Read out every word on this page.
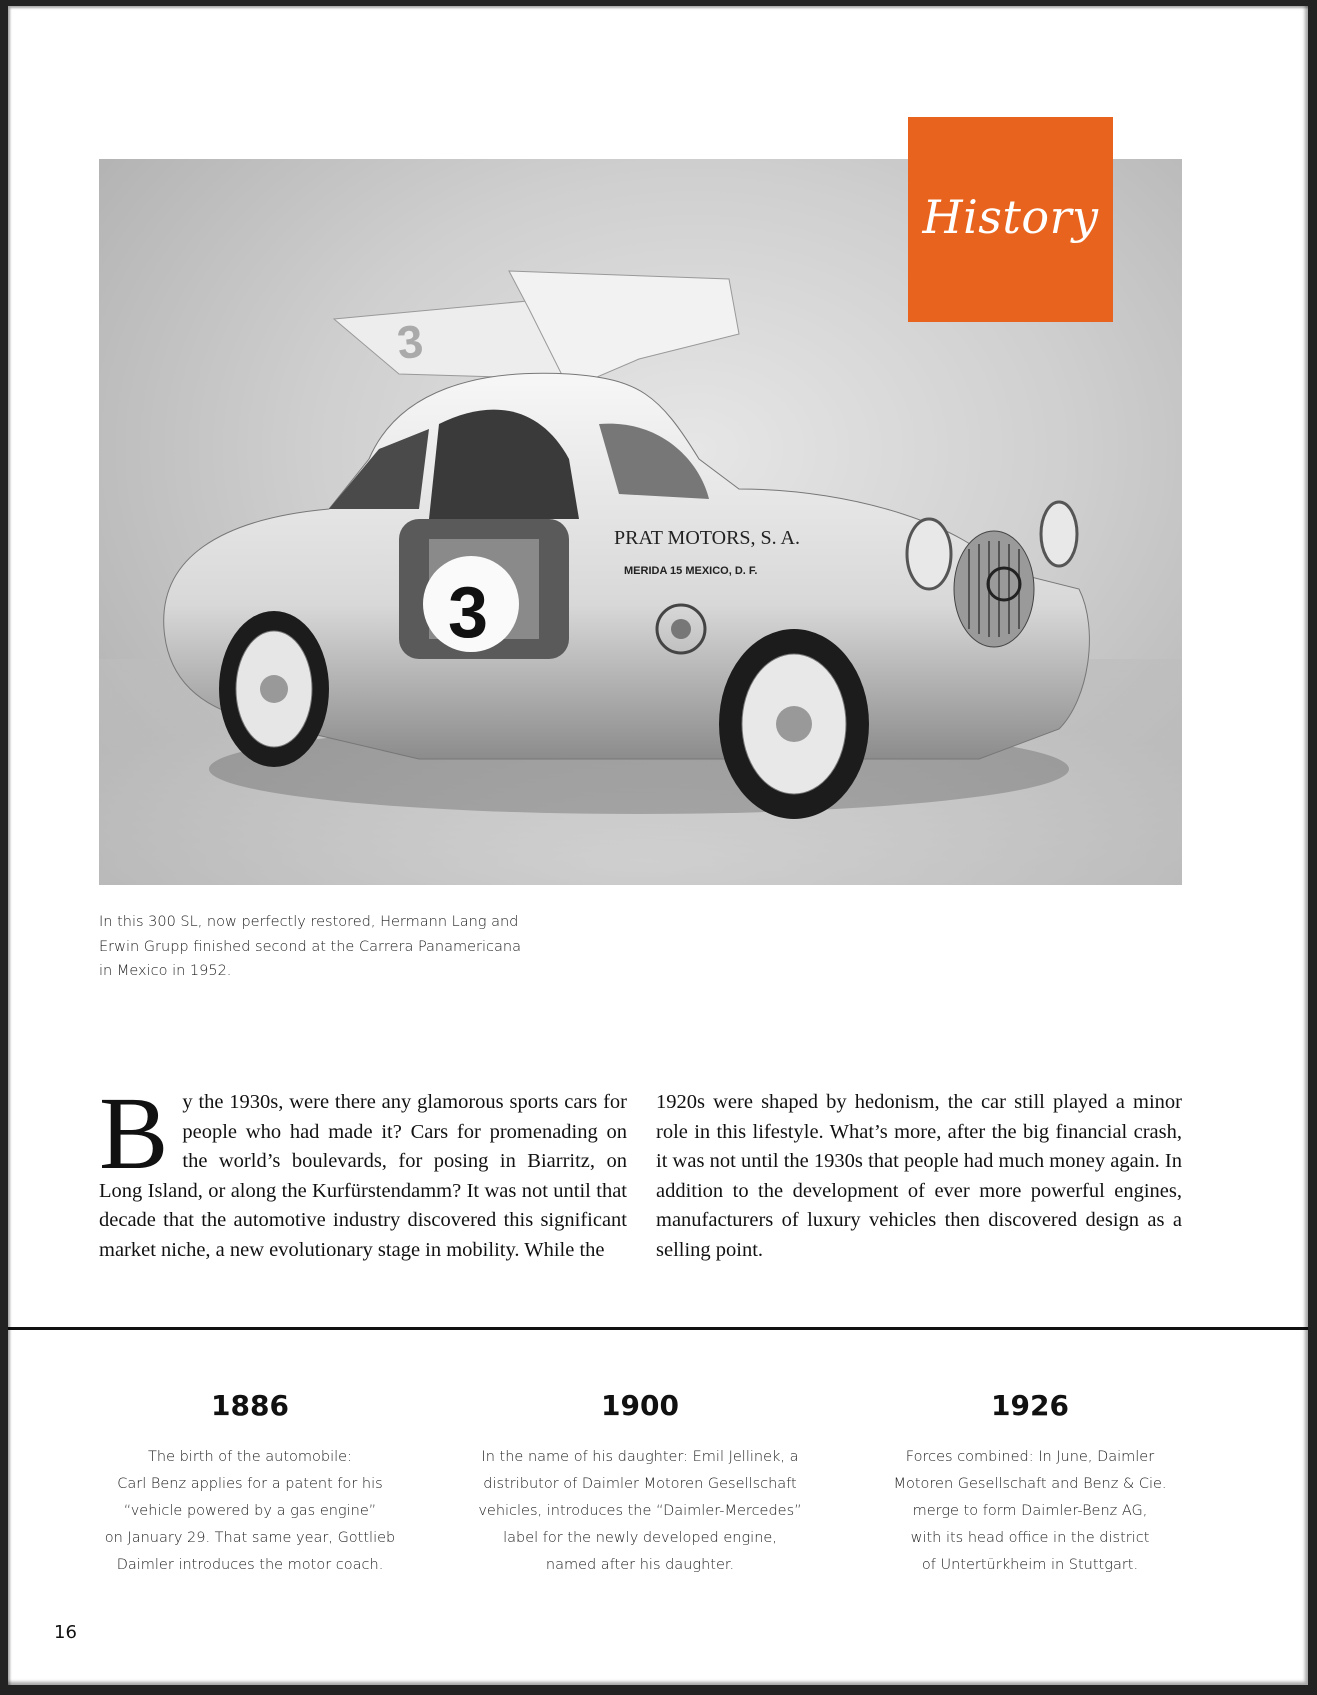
3
3
PRAT MOTORS, S. A.
MERIDA 15 MEXICO, D. F.
History
In this 300 SL, now perfectly restored, Hermann Lang and
Erwin Grupp finished second at the Carrera Panamericana
in Mexico in 1952.
B y the 1930s, were there any glamorous sports cars for people who had made it? Cars for promenading on the world’s boulevards, for posing in Biarritz, on Long Island, or along the Kurfürstendamm? It was not until that decade that the automotive industry discovered this significant market niche, a new evolutionary stage in mobility. While the
1920s were shaped by hedonism, the car still played a minor role in this lifestyle. What’s more, after the big financial crash, it was not until the 1930s that people had much money again. In addition to the development of ever more powerful engines, manufacturers of luxury vehicles then discovered design as a selling point.
1886
The birth of the automobile:
Carl Benz applies for a patent for his
“vehicle powered by a gas engine”
on January 29. That same year, Gottlieb
Daimler introduces the motor coach.
1900
In the name of his daughter: Emil Jellinek, a
distributor of Daimler Motoren Gesellschaft
vehicles, introduces the “Daimler-Mercedes”
label for the newly developed engine,
named after his daughter.
1926
Forces combined: In June, Daimler
Motoren Gesellschaft and Benz & Cie.
merge to form Daimler-Benz AG,
with its head office in the district
of Untertürkheim in Stuttgart.
16
